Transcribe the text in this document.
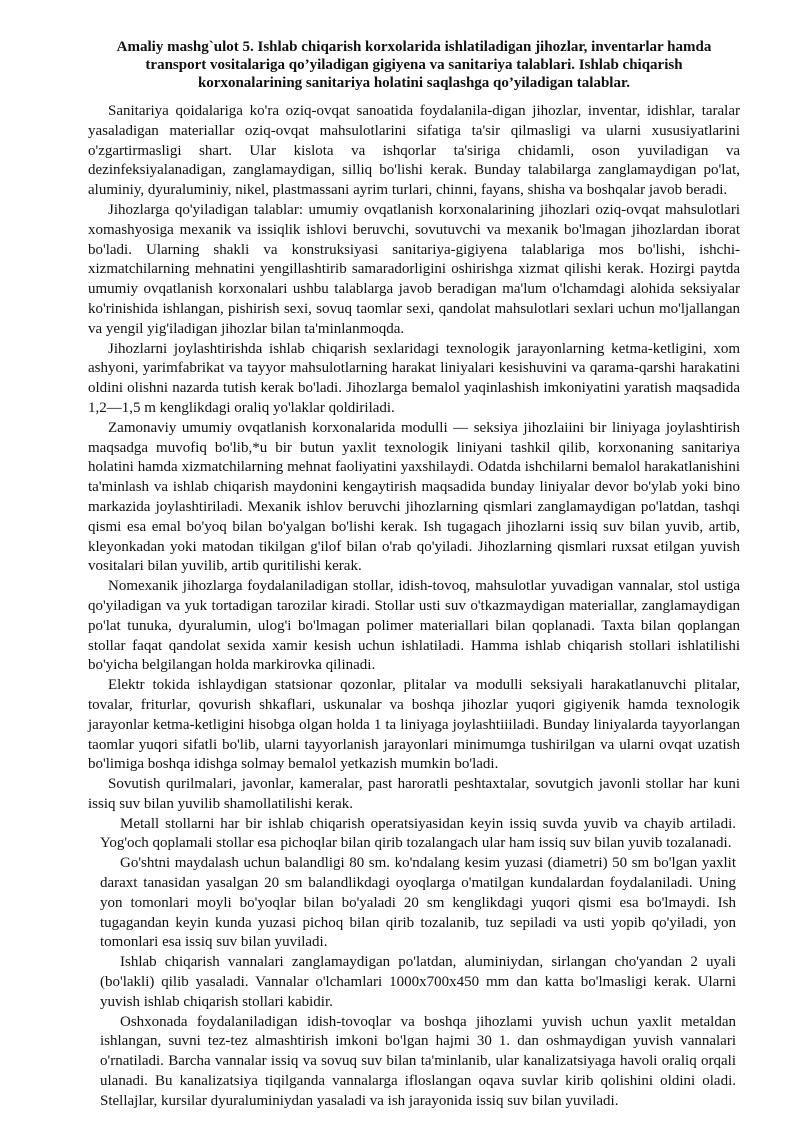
Amaliy mashg`ulot 5. Ishlab chiqarish korxolarida ishlatiladigan jihozlar, inventarlar hamda
transport vositalariga qo’yiladigan gigiyena va sanitariya talablari. Ishlab chiqarish
korxonalarining sanitariya holatini saqlashga qo’yiladigan talablar.

Sanitariya qoidalariga ko'ra oziq-ovqat sanoatida foydalanila-digan jihozlar, inventar, idishlar, taralar yasaladigan materiallar oziq-ovqat mahsulotlarini sifatiga ta'sir qilmasligi va ularni xususiyatlarini o'zgartirmasligi shart. Ular kislota va ishqorlar ta'siriga chidamli, oson yuviladigan va dezinfeksiyalanadigan, zanglamaydigan, silliq bo'lishi kerak. Bunday talabilarga zanglamaydigan po'lat, aluminiy, dyuraluminiy, nikel, plastmassani ayrim turlari, chinni, fayans, shisha va boshqalar javob beradi.

Jihozlarga qo'yiladigan talablar: umumiy ovqatlanish korxonalarining jihozlari oziq-ovqat mahsulotlari xomashyosiga mexanik va issiqlik ishlovi beruvchi, sovutuvchi va mexanik bo'lmagan jihozlardan iborat bo'ladi. Ularning shakli va konstruksiyasi sanitariya-gigiyena talablariga mos bo'lishi, ishchi-xizmatchilarning mehnatini yengillashtirib samaradorligini oshirishga xizmat qilishi kerak. Hozirgi paytda umumiy ovqatlanish korxonalari ushbu talablarga javob beradigan ma'lum o'lchamdagi alohida seksiyalar ko'rinishida ishlangan, pishirish sexi, sovuq taomlar sexi, qandolat mahsulotlari sexlari uchun mo'ljallangan va yengil yig'iladigan jihozlar bilan ta'minlanmoqda.

Jihozlarni joylashtirishda ishlab chiqarish sexlaridagi texnologik jarayonlarning ketma-ketligini, xom ashyoni, yarimfabrikat va tayyor mahsulotlarning harakat liniyalari kesishuvini va qarama-qarshi harakatini oldini olishni nazarda tutish kerak bo'ladi. Jihozlarga bemalol yaqinlashish imkoniyatini yaratish maqsadida 1,2—1,5 m kenglikdagi oraliq yo'laklar qoldiriladi.

Zamonaviy umumiy ovqatlanish korxonalarida modulli — seksiya jihozlaiini bir liniyaga joylashtirish maqsadga muvofiq bo'lib,*u bir butun yaxlit texnologik liniyani tashkil qilib, korxonaning sanitariya holatini hamda xizmatchilarning mehnat faoliyatini yaxshilaydi. Odatda ishchilarni bemalol harakatlanishini ta'minlash va ishlab chiqarish maydonini kengaytirish maqsadida bunday liniyalar devor bo'ylab yoki bino markazida joylashtiriladi. Mexanik ishlov beruvchi jihozlarning qismlari zanglamaydigan po'latdan, tashqi qismi esa emal bo'yoq bilan bo'yalgan bo'lishi kerak. Ish tugagach jihozlarni issiq suv bilan yuvib, artib, kleyonkadan yoki matodan tikilgan g'ilof bilan o'rab qo'yiladi. Jihozlarning qismlari ruxsat etilgan yuvish vositalari bilan yuvilib, artib quritilishi kerak.

Nomexanik jihozlarga foydalaniladigan stollar, idish-tovoq, mahsulotlar yuvadigan vannalar, stol ustiga qo'yiladigan va yuk tortadigan tarozilar kiradi. Stollar usti suv o'tkazmaydigan materiallar, zanglamaydigan po'lat tunuka, dyuralumin, ulog'i bo'lmagan polimer materiallari bilan qoplanadi. Taxta bilan qoplangan stollar faqat qandolat sexida xamir kesish uchun ishlatiladi. Hamma ishlab chiqarish stollari ishlatilishi bo'yicha belgilangan holda markirovka qilinadi.

Elektr tokida ishlaydigan statsionar qozonlar, plitalar va modulli seksiyali harakatlanuvchi plitalar, tovalar, friturlar, qovurish shkaflari, uskunalar va boshqa jihozlar yuqori gigiyenik hamda texnologik jarayonlar ketma-ketligini hisobga olgan holda 1 ta liniyaga joylashtiiiladi. Bunday liniyalarda tayyorlangan taomlar yuqori sifatli bo'lib, ularni tayyorlanish jarayonlari minimumga tushirilgan va ularni ovqat uzatish bo'limiga boshqa idishga solmay bemalol yetkazish mumkin bo'ladi.

Sovutish qurilmalari, javonlar, kameralar, past haroratli peshtaxtalar, sovutgich javonli stollar har kuni issiq suv bilan yuvilib shamollatilishi kerak.

Metall stollarni har bir ishlab chiqarish operatsiyasidan keyin issiq suvda yuvib va chayib artiladi. Yog'och qoplamali stollar esa pichoqlar bilan qirib tozalangach ular ham issiq suv bilan yuvib tozalanadi.

Go'shtni maydalash uchun balandligi 80 sm. ko'ndalang kesim yuzasi (diametri) 50 sm bo'lgan yaxlit daraxt tanasidan yasalgan 20 sm balandlikdagi oyoqlarga o'matilgan kundalardan foydalaniladi. Uning yon tomonlari moyli bo'yoqlar bilan bo'yaladi 20 sm kenglikdagi yuqori qismi esa bo'lmaydi. Ish tugagandan keyin kunda yuzasi pichoq bilan qirib tozalanib, tuz sepiladi va usti yopib qo'yiladi, yon tomonlari esa issiq suv bilan yuviladi.

Ishlab chiqarish vannalari zanglamaydigan po'latdan, aluminiydan, sirlangan cho'yandan 2 uyali (bo'lakli) qilib yasaladi. Vannalar o'lchamlari 1000x700x450 mm dan katta bo'lmasligi kerak. Ularni yuvish ishlab chiqarish stollari kabidir.

Oshxonada foydalaniladigan idish-tovoqlar va boshqa jihozlami yuvish uchun yaxlit metaldan ishlangan, suvni tez-tez almashtirish imkoni bo'lgan hajmi 30 1. dan oshmaydigan yuvish vannalari o'rnatiladi. Barcha vannalar issiq va sovuq suv bilan ta'minlanib, ular kanalizatsiyaga havoli oraliq orqali ulanadi. Bu kanalizatsiya tiqilganda vannalarga ifloslangan oqava suvlar kirib qolishini oldini oladi. Stellajlar, kursilar dyuraluminiydan yasaladi va ish jarayonida issiq suv bilan yuviladi.
